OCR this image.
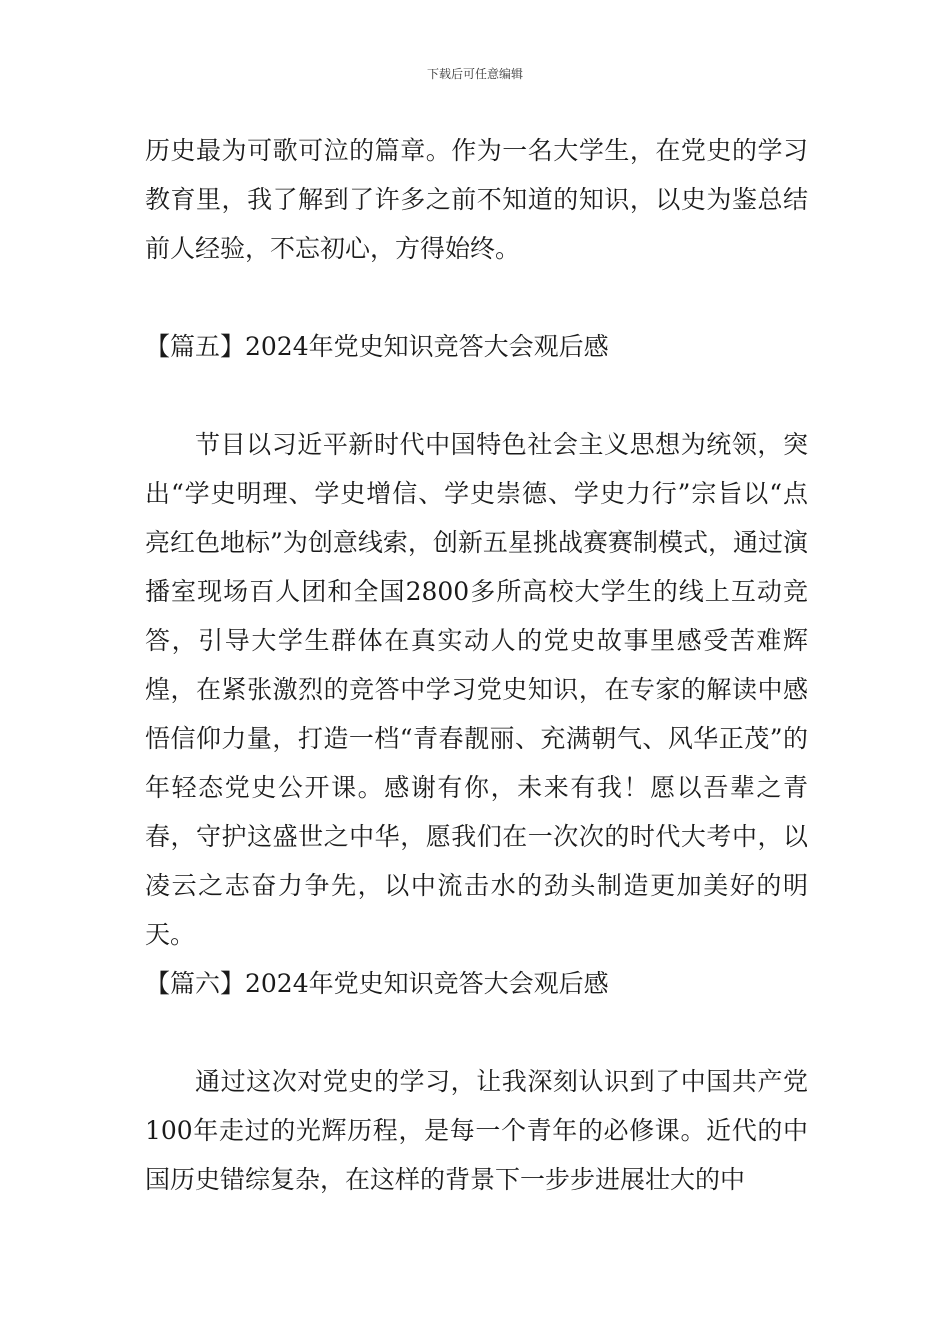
下载后可任意编辑

历史最为可歌可泣的篇章。作为一名大学生，在党史的学习教育里，我了解到了许多之前不知道的知识，以史为鉴总结前人经验，不忘初心，方得始终。

【篇五】2024年党史知识竞答大会观后感

节目以习近平新时代中国特色社会主义思想为统领，突出“学史明理、学史增信、学史崇德、学史力行”宗旨以“点亮红色地标”为创意线索，创新五星挑战赛赛制模式，通过演播室现场百人团和全国2800多所高校大学生的线上互动竞答，引导大学生群体在真实动人的党史故事里感受苦难辉煌，在紧张激烈的竞答中学习党史知识，在专家的解读中感悟信仰力量，打造一档“青春靓丽、充满朝气、风华正茂”的年轻态党史公开课。感谢有你，未来有我！愿以吾辈之青春，守护这盛世之中华，愿我们在一次次的时代大考中，以凌云之志奋力争先，以中流击水的劲头制造更加美好的明天。

【篇六】2024年党史知识竞答大会观后感

通过这次对党史的学习，让我深刻认识到了中国共产党100年走过的光辉历程，是每一个青年的必修课。近代的中国历史错综复杂，在这样的背景下一步步进展壮大的中
